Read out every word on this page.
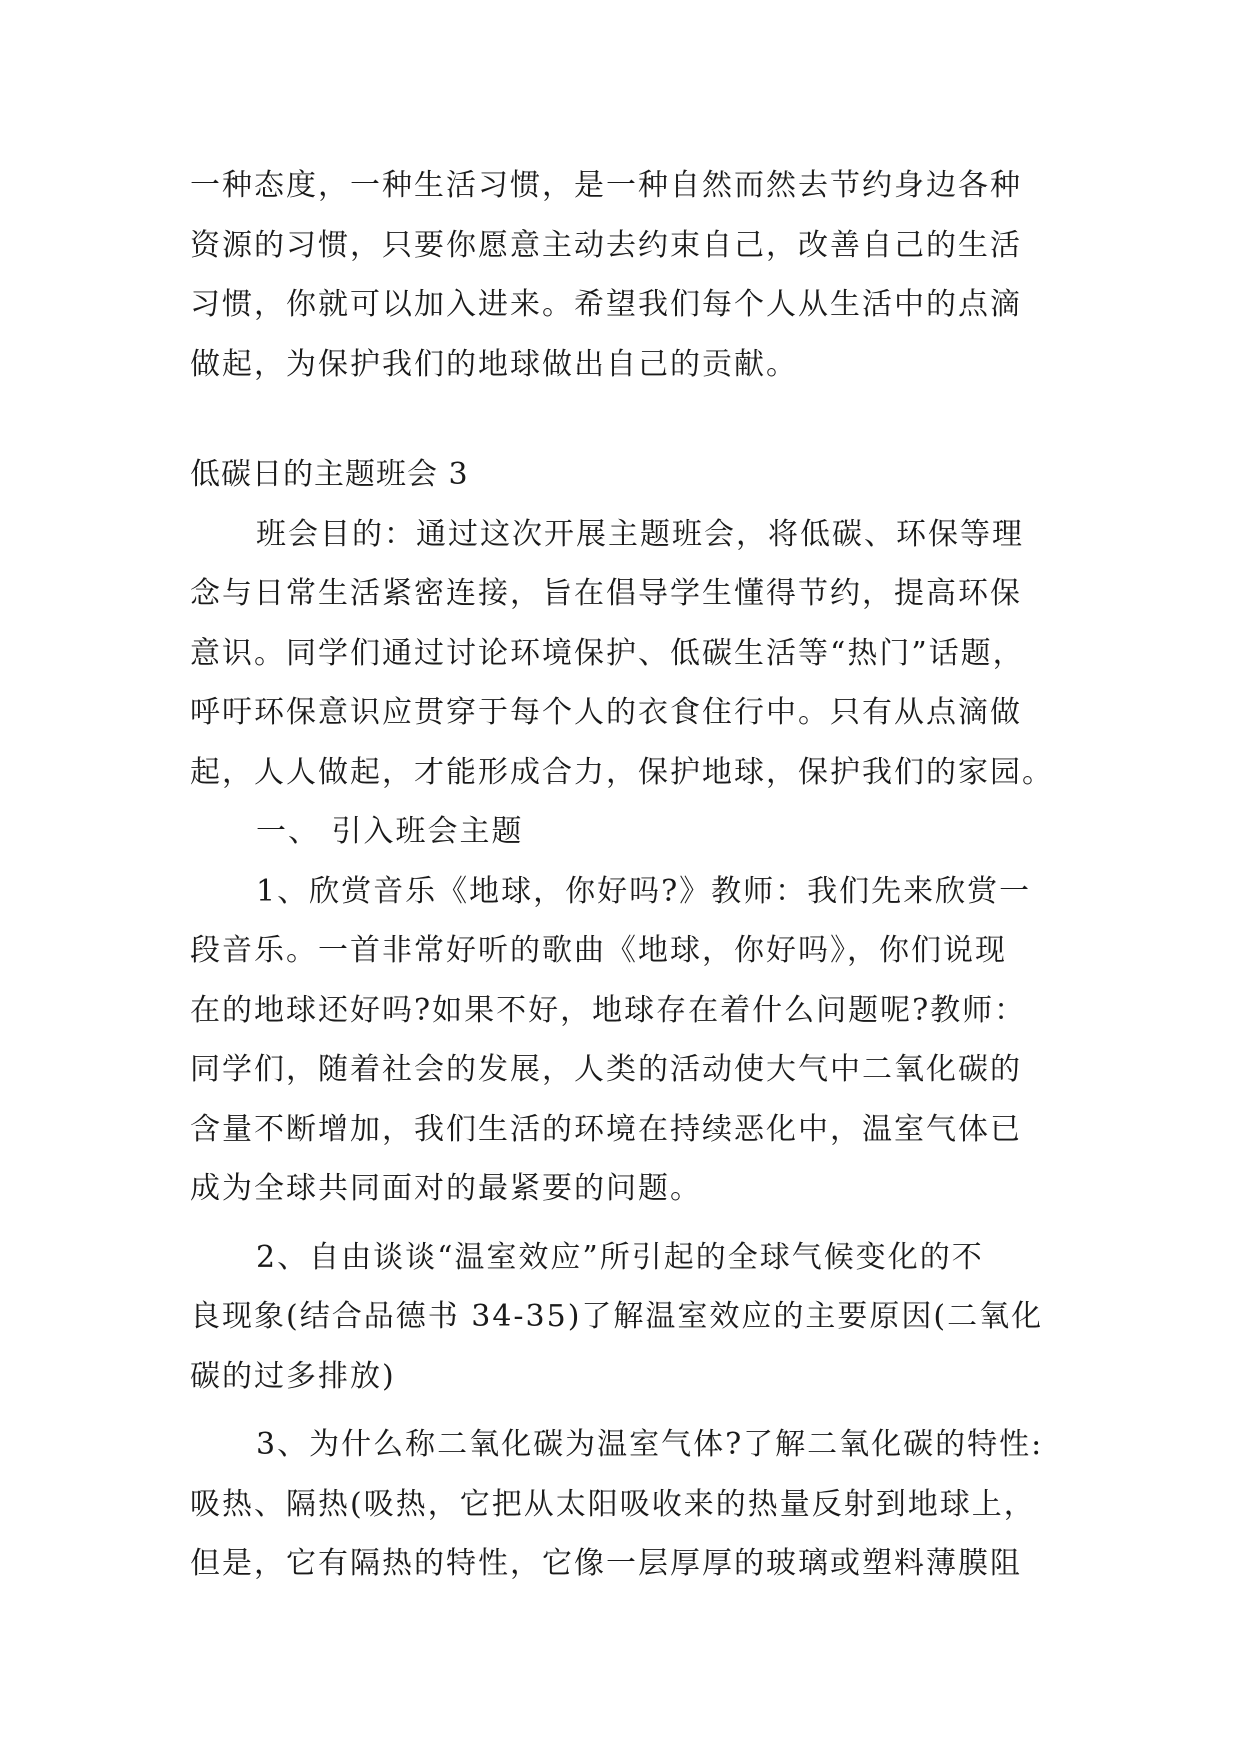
一种态度，一种生活习惯，是一种自然而然去节约身边各种
资源的习惯，只要你愿意主动去约束自己，改善自己的生活
习惯，你就可以加入进来。希望我们每个人从生活中的点滴
做起，为保护我们的地球做出自己的贡献。
低碳日的主题班会 3
班会目的：通过这次开展主题班会，将低碳、环保等理
念与日常生活紧密连接，旨在倡导学生懂得节约，提高环保
意识。同学们通过讨论环境保护、低碳生活等“热门”话题，
呼吁环保意识应贯穿于每个人的衣食住行中。只有从点滴做
起，人人做起，才能形成合力，保护地球，保护我们的家园。
一、 引入班会主题
1、欣赏音乐《地球，你好吗?》教师：我们先来欣赏一
段音乐。一首非常好听的歌曲《地球，你好吗》，你们说现
在的地球还好吗?如果不好，地球存在着什么问题呢?教师：
同学们，随着社会的发展，人类的活动使大气中二氧化碳的
含量不断增加，我们生活的环境在持续恶化中，温室气体已
成为全球共同面对的最紧要的问题。
2、自由谈谈“温室效应”所引起的全球气候变化的不
良现象(结合品德书 34-35)了解温室效应的主要原因(二氧化
碳的过多排放)
3、为什么称二氧化碳为温室气体?了解二氧化碳的特性:
吸热、隔热(吸热，它把从太阳吸收来的热量反射到地球上，
但是，它有隔热的特性，它像一层厚厚的玻璃或塑料薄膜阻
